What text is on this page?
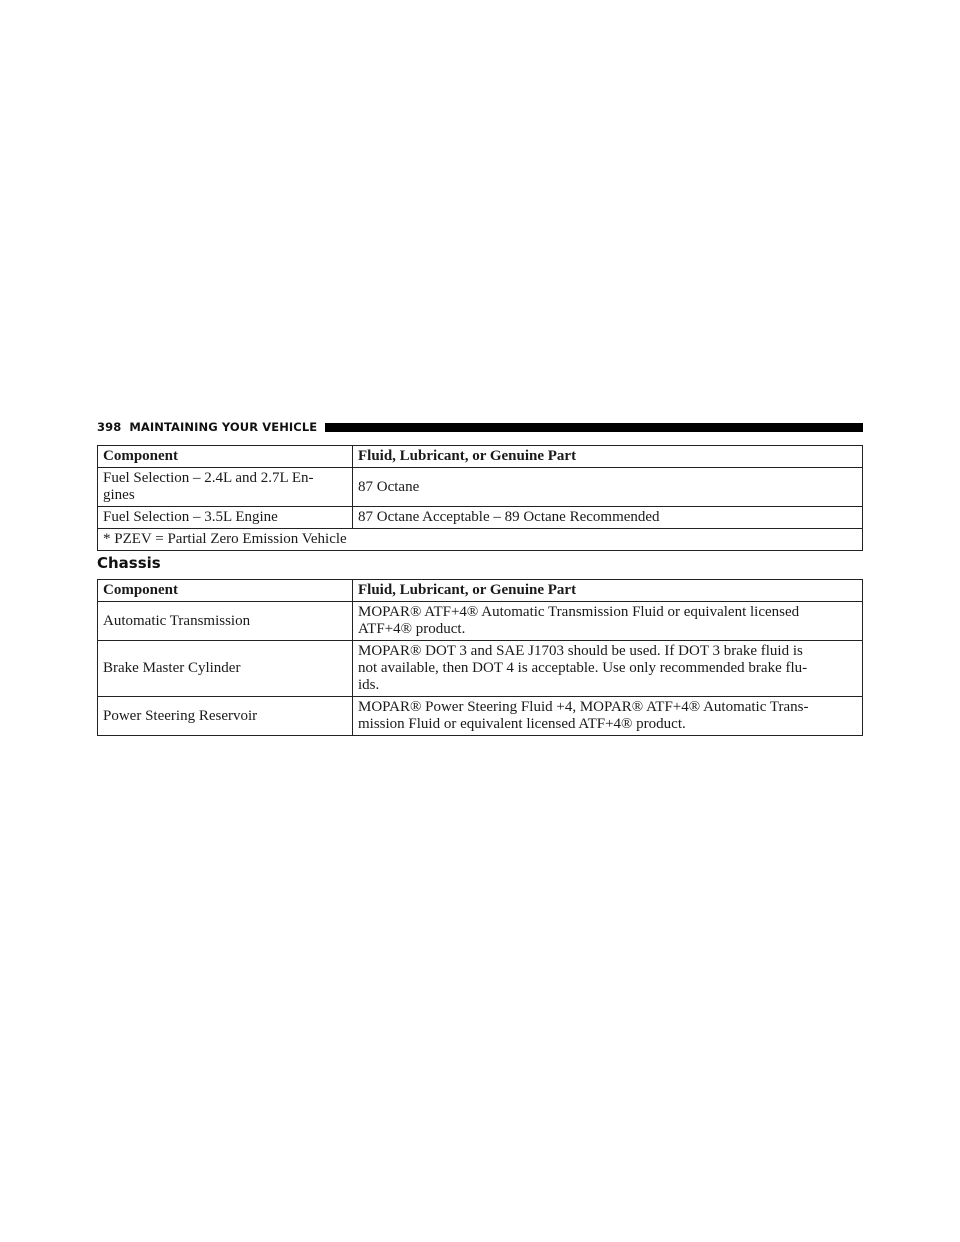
398 MAINTAINING YOUR VEHICLE
Component	Fluid, Lubricant, or Genuine Part
Fuel Selection – 2.4L and 2.7L En-
gines	87 Octane
Fuel Selection – 3.5L Engine	87 Octane Acceptable – 89 Octane Recommended
* PZEV = Partial Zero Emission Vehicle	
Chassis
Component	Fluid, Lubricant, or Genuine Part
Automatic Transmission	MOPAR® ATF+4® Automatic Transmission Fluid or equivalent licensed
ATF+4® product.
Brake Master Cylinder	MOPAR® DOT 3 and SAE J1703 should be used. If DOT 3 brake fluid is
not available, then DOT 4 is acceptable. Use only recommended brake flu-
ids.
Power Steering Reservoir	MOPAR® Power Steering Fluid +4, MOPAR® ATF+4® Automatic Trans-
mission Fluid or equivalent licensed ATF+4® product.
